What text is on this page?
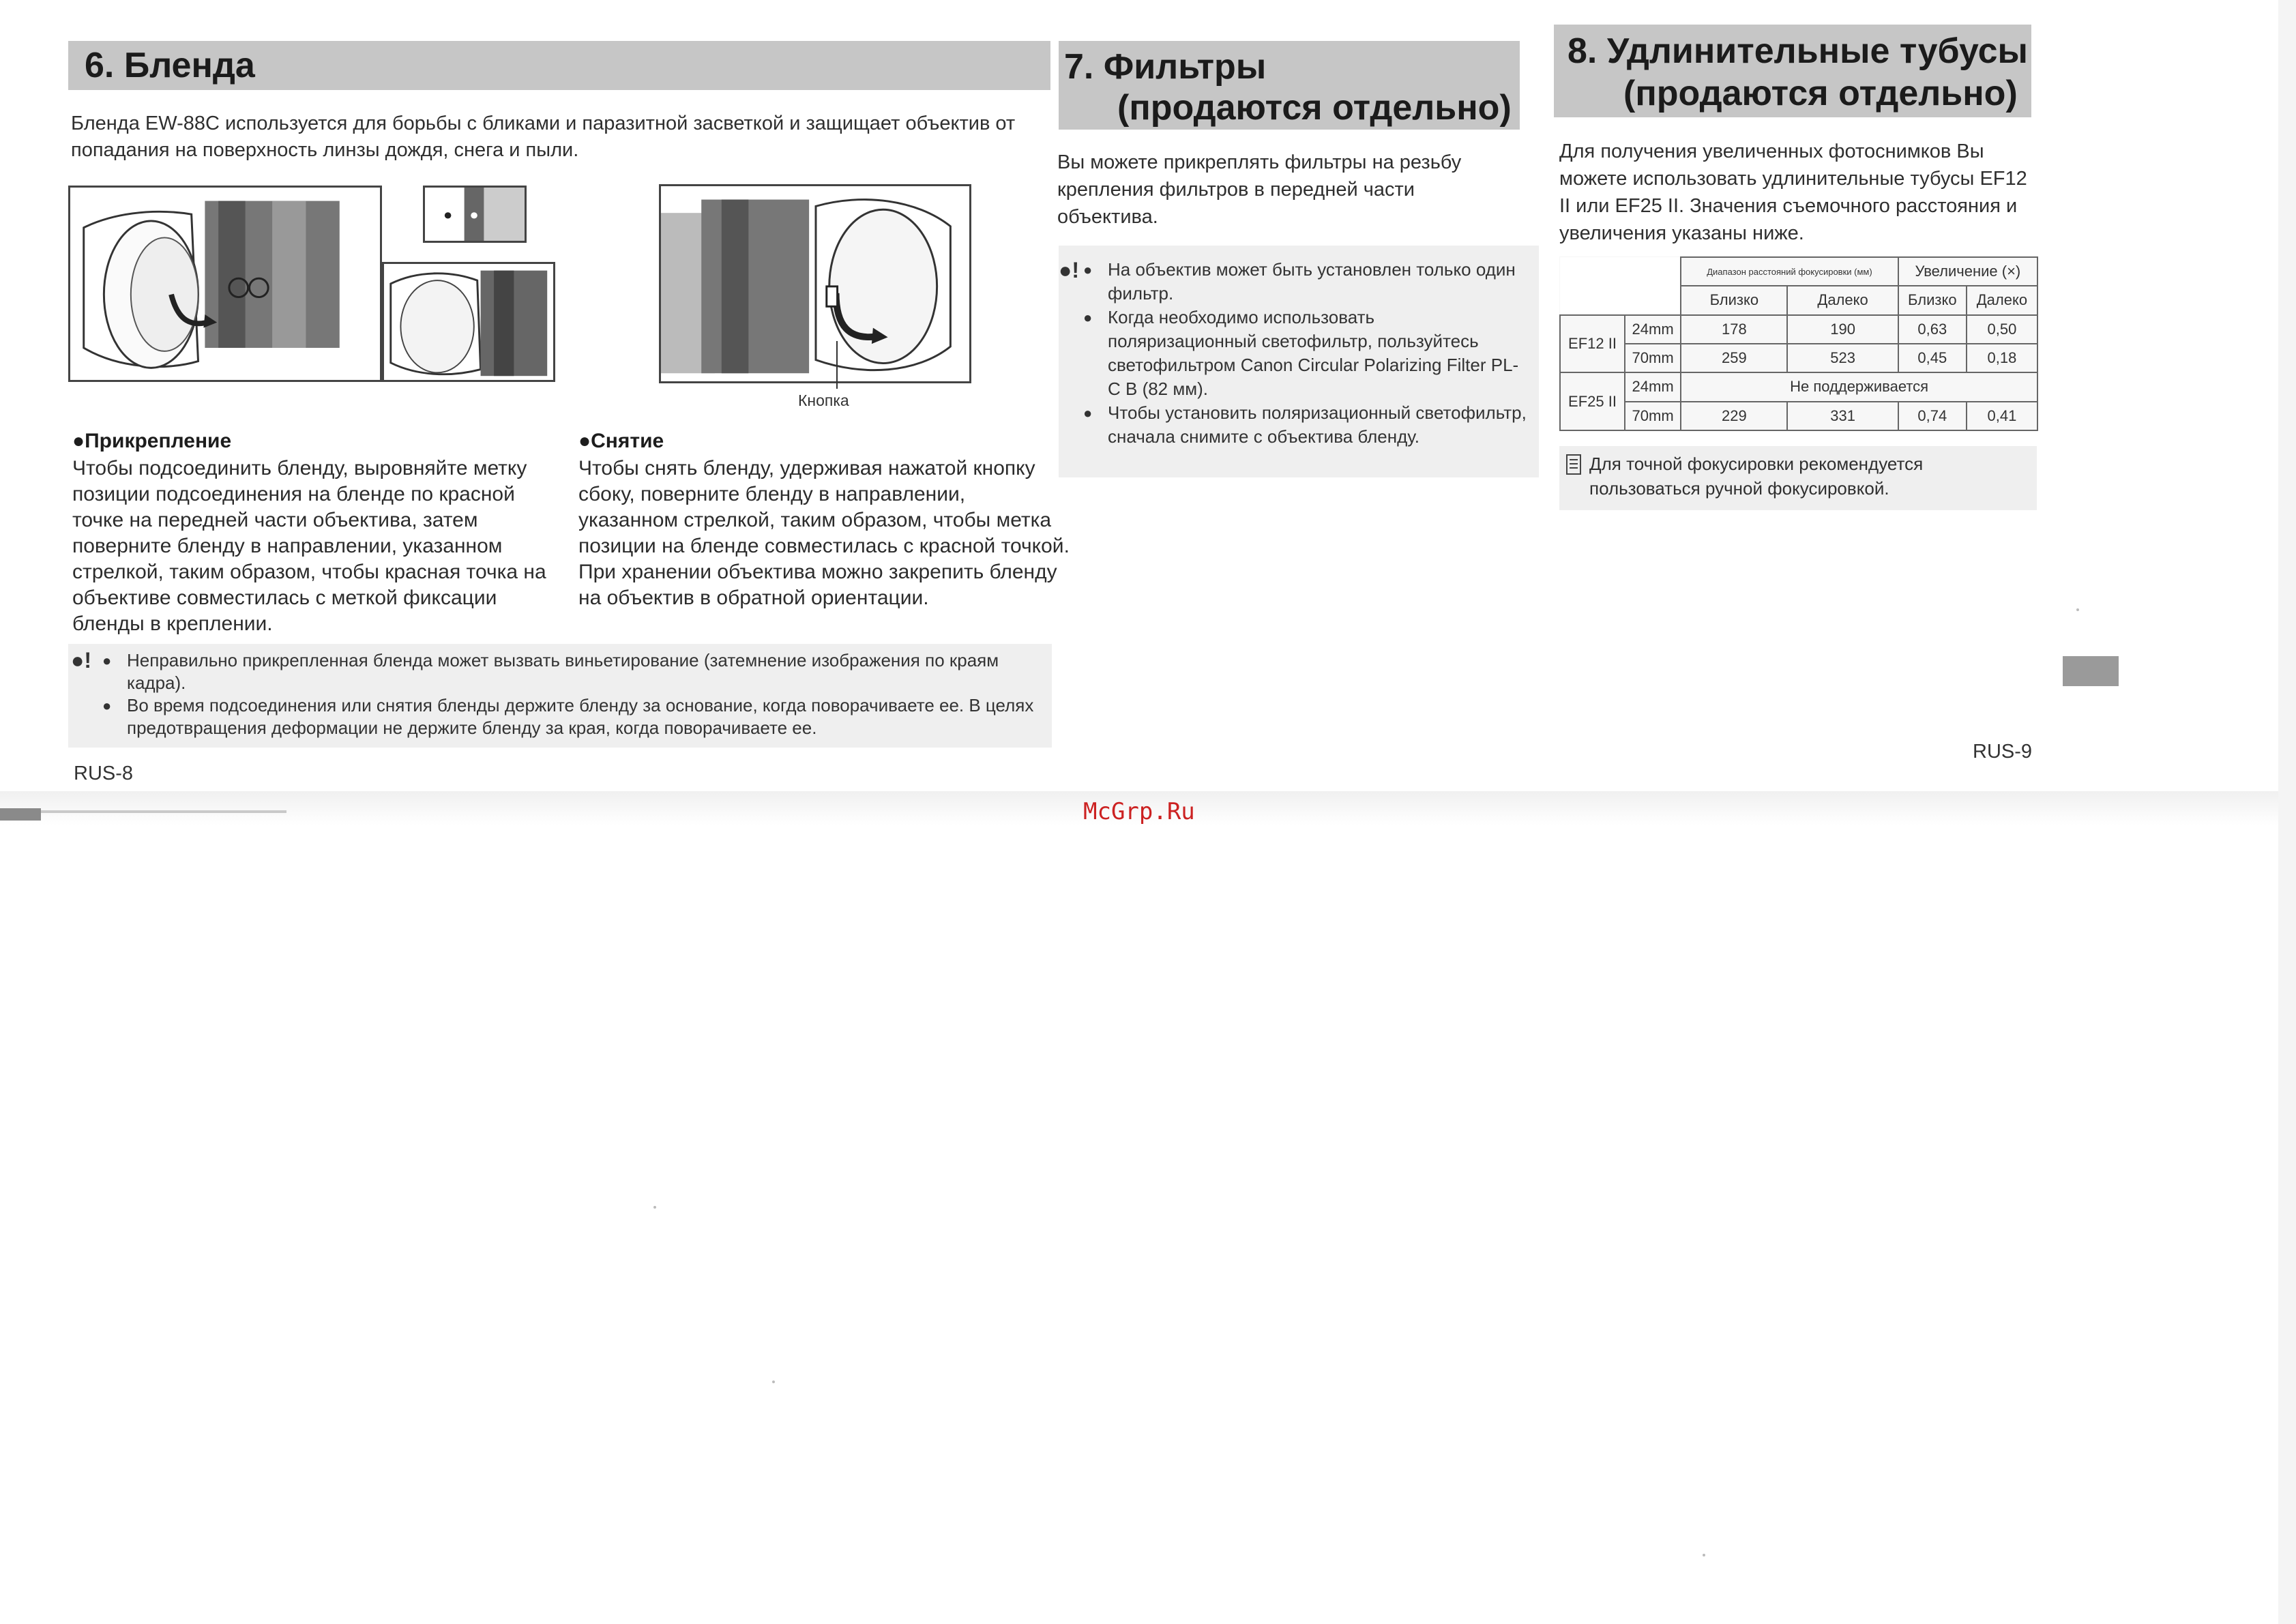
6. Бленда
Бленда EW-88C используется для борьбы с бликами и паразитной засветкой и защищает объектив от попадания на поверхность линзы дождя, снега и пыли.
Кнопка
●Прикрепление
Чтобы подсоединить бленду, выровняйте метку позиции подсоединения на бленде по красной точке на передней части объектива, затем поверните бленду в направлении, указанном стрелкой, таким образом, чтобы красная точка на объективе совместилась с меткой фиксации бленды в креплении.
●Снятие
Чтобы снять бленду, удерживая нажатой кнопку сбоку, поверните бленду в направлении, указанном стрелкой, таким образом, чтобы метка позиции на бленде совместилась с красной точкой. При хранении объектива можно закрепить бленду на объектив в обратной ориентации.
●!	● Неправильно прикрепленная бленда может вызвать виньетирование (затемнение изображения по краям кадра).
● Во время подсоединения или снятия бленды держите бленду за основание, когда поворачиваете ее. В целях предотвращения деформации не держите бленду за края, когда поворачиваете ее.
RUS-8
7. Фильтры
(продаются отдельно)
Вы можете прикреплять фильтры на резьбу крепления фильтров в передней части объектива.
●!	● На объектив может быть установлен только один фильтр.
● Когда необходимо использовать поляризационный светофильтр, пользуйтесь светофильтром Canon Circular Polarizing Filter PL-C B (82 мм).
● Чтобы установить поляризационный светофильтр, сначала снимите с объектива бленду.
8. Удлинительные тубусы
(продаются отдельно)
Для получения увеличенных фотоснимков Вы можете использовать удлинительные тубусы EF12 II или EF25 II. Значения съемочного расстояния и увеличения указаны ниже.
		Диапазон расстояний фокусировки (мм)		Увеличение (×)	
		Близко	Далеко	Близко	Далеко
EF12 II	24mm	178	190	0,63	0,50
	70mm	259	523	0,45	0,18
EF25 II	24mm	Не поддерживается			
	70mm	229	331	0,74	0,41
Для точной фокусировки рекомендуется пользоваться ручной фокусировкой.
RUS-9
McGrp.Ru
